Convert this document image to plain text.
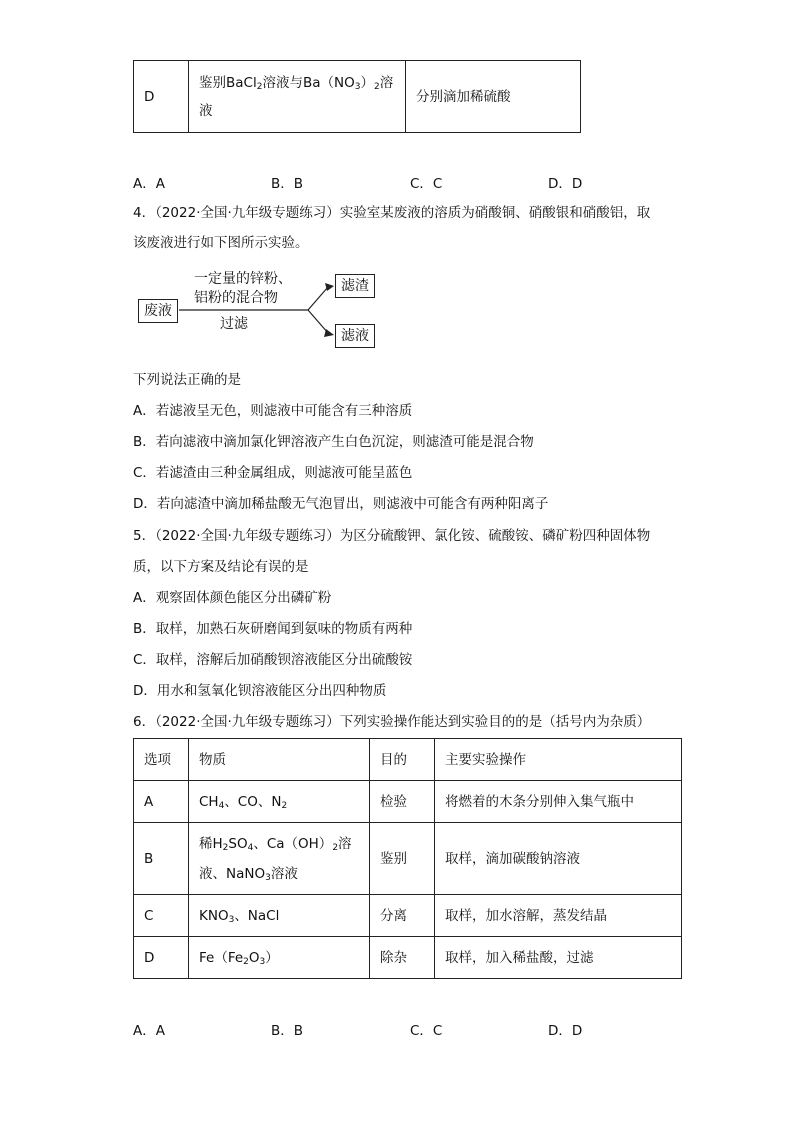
D	鉴别BaCl$_2$溶液与$Ba(NO_3)_2$溶
液	分别滴加稀硫酸
A．A	B．B	C．C	D．D
4．（2022·全国·九年级专题练习）实验室某废液的溶质为硝酸铜、硝酸银和硝酸铝，取
该废液进行如下图所示实验。
废液
一定量的锌粉、
铝粉的混合物
过滤
滤渣
滤液
下列说法正确的是
A．若滤液呈无色，则滤液中可能含有三种溶质
B．若向滤液中滴加氯化钾溶液产生白色沉淀，则滤渣可能是混合物
C．若滤渣由三种金属组成，则滤液可能呈蓝色
D．若向滤渣中滴加稀盐酸无气泡冒出，则滤液中可能含有两种阳离子
5．（2022·全国·九年级专题练习）为区分硫酸钾、氯化铵、硫酸铵、磷矿粉四种固体物
质，以下方案及结论有误的是
A．观察固体颜色能区分出磷矿粉
B．取样，加熟石灰研磨闻到氨味的物质有两种
C．取样，溶解后加硝酸钡溶液能区分出硫酸铵
D．用水和氢氧化钡溶液能区分出四种物质
6．（2022·全国·九年级专题练习）下列实验操作能达到实验目的的是（括号内为杂质）
选项	物质	目的	主要实验操作
A	$CH_4$、CO、$N_2$	检验	将燃着的木条分别伸入集气瓶中
B	稀$H_2SO_4$、$Ca(OH)_2$溶
液、NaNO$_3$溶液	鉴别	取样，滴加碳酸钠溶液
C	$KNO_3$、NaCl	分离	取样，加水溶解，蒸发结晶
D	$Fe(Fe_2O_3)$	除杂	取样，加入稀盐酸，过滤
A．A	B．B	C．C	D．D
